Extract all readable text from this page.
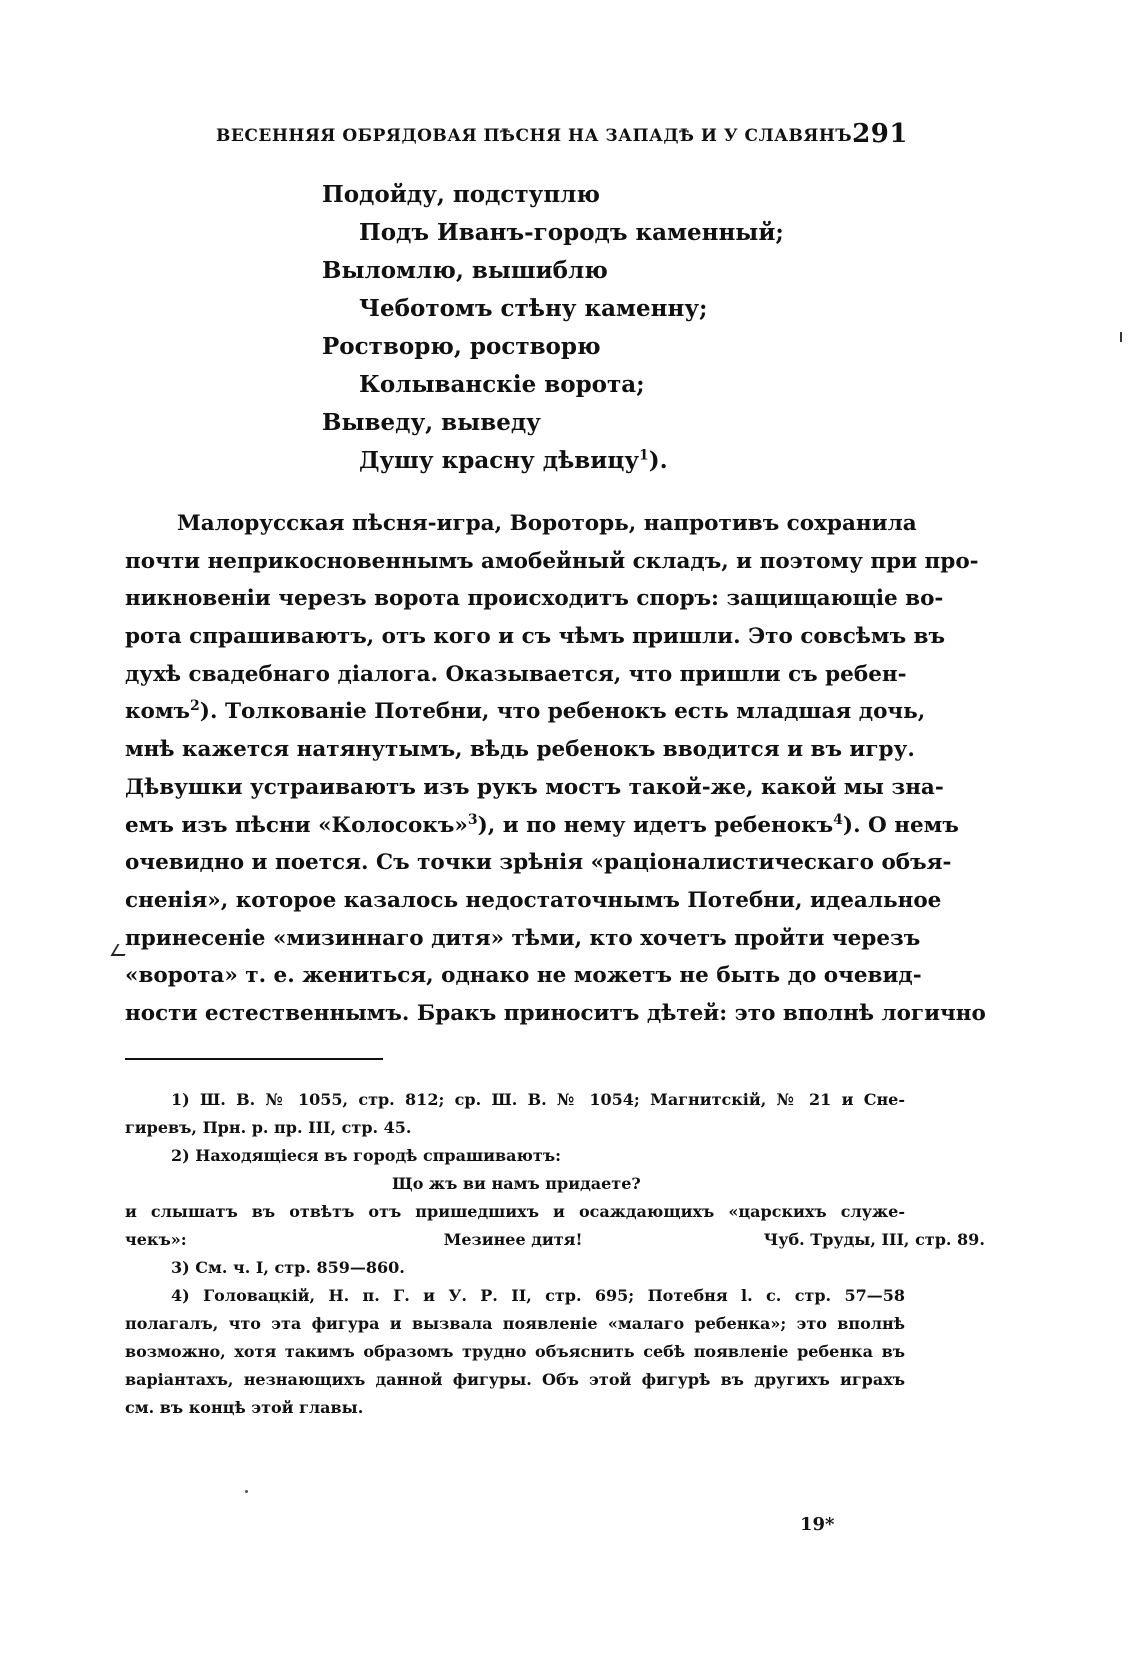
ВЕСЕННЯЯ ОБРЯДОВАЯ ПѢСНЯ НА ЗАПАДѢ И У СЛАВЯНЪ.
291
Подойду, подступлю
Подъ Иванъ-городъ каменный;
Выломлю, вышиблю
Чеботомъ стѣну каменну;
Ростворю, ростворю
Колыванскіе ворота;
Выведу, выведу
Душу красну дѣвицу$^1$).
Малорусская пѣсня-игра, Вороторь, напротивъ сохранила
почти неприкосновеннымъ амобейный складъ, и поэтому при про-
никновеніи черезъ ворота происходитъ споръ: защищающіе во-
рота спрашиваютъ, отъ кого и съ чѣмъ пришли. Это совсѣмъ въ
духѣ свадебнаго діалога. Оказывается, что пришли съ ребен-
комъ$^2$). Толкованіе Потебни, что ребенокъ есть младшая дочь,
мнѣ кажется натянутымъ, вѣдь ребенокъ вводится и въ игру.
Дѣвушки устраиваютъ изъ рукъ мостъ такой-же, какой мы зна-
емъ изъ пѣсни «Колосокъ»$^3$), и по нему идетъ ребенокъ$^4$). О немъ
очевидно и поется. Съ точки зрѣнія «раціоналистическаго объя-
сненія», которое казалось недостаточнымъ Потебни, идеальное
принесеніе «мизиннаго дитя» тѣми, кто хочетъ пройти черезъ
«ворота» т. е. жениться, однако не можетъ не быть до очевид-
ности естественнымъ. Бракъ приноситъ дѣтей: это вполнѣ логично
1) Ш. В. № 1055, стр. 812; ср. Ш. В. № 1054; Магнитскій, № 21 и Сне-
гиревъ, Прн. р. пр. III, стр. 45.
2) Находящіеся въ городѣ спрашиваютъ:
Що жъ ви намъ придаете?
и слышатъ въ отвѣтъ отъ пришедшихъ и осаждающихъ «царскихъ служе-
чекъ»:	Мезинее дитя!	Чуб. Труды, III, стр. 89.
3) См. ч. I, стр. 859—860.
4) Головацкій, Н. п. Г. и У. Р. II, стр. 695; Потебня l. c. стр. 57—58
полагалъ, что эта фигура и вызвала появленіе «малаго ребенка»; это вполнѣ
возможно, хотя такимъ образомъ трудно объяснить себѣ появленіе ребенка въ
варіантахъ, незнающихъ данной фигуры. Объ этой фигурѣ въ другихъ играхъ
см. въ концѣ этой главы.
19*
